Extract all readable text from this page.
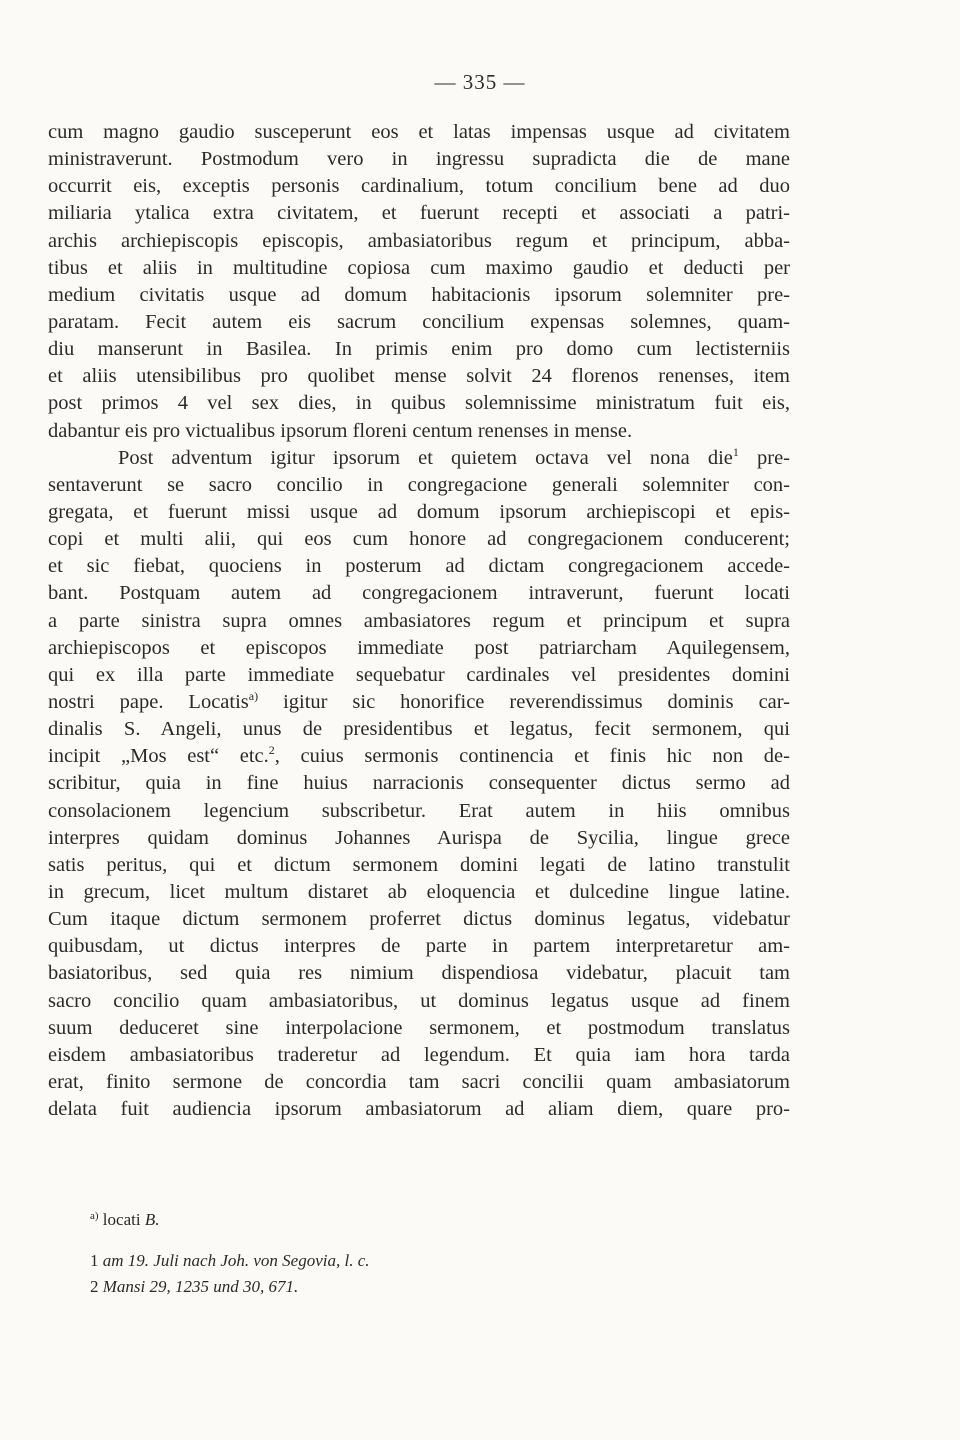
— 335 —
cum magno gaudio susceperunt eos et latas impensas usque ad civitatem
ministraverunt. Postmodum vero in ingressu supradicta die de mane
occurrit eis, exceptis personis cardinalium, totum concilium bene ad duo
miliaria ytalica extra civitatem, et fuerunt recepti et associati a patri-
archis archiepiscopis episcopis, ambasiatoribus regum et principum, abba-
tibus et aliis in multitudine copiosa cum maximo gaudio et deducti per
medium civitatis usque ad domum habitacionis ipsorum solemniter pre-
paratam. Fecit autem eis sacrum concilium expensas solemnes, quam-
diu manserunt in Basilea. In primis enim pro domo cum lectisterniis
et aliis utensibilibus pro quolibet mense solvit 24 florenos renenses, item
post primos 4 vel sex dies, in quibus solemnissime ministratum fuit eis,
dabantur eis pro victualibus ipsorum floreni centum renenses in mense.
Post adventum igitur ipsorum et quietem octava vel nona die$^1$ pre-
sentaverunt se sacro concilio in congregacione generali solemniter con-
gregata, et fuerunt missi usque ad domum ipsorum archiepiscopi et epis-
copi et multi alii, qui eos cum honore ad congregacionem conducerent;
et sic fiebat, quociens in posterum ad dictam congregacionem accede-
bant. Postquam autem ad congregacionem intraverunt, fuerunt locati
a parte sinistra supra omnes ambasiatores regum et principum et supra
archiepiscopos et episcopos immediate post patriarcham Aquilegensem,
qui ex illa parte immediate sequebatur cardinales vel presidentes domini
nostri pape. Locatis$^{a)}$ igitur sic honorifice reverendissimus dominis car-
dinalis S. Angeli, unus de presidentibus et legatus, fecit sermonem, qui
incipit „Mos est“ etc.$^2$, cuius sermonis continencia et finis hic non de-
scribitur, quia in fine huius narracionis consequenter dictus sermo ad
consolacionem legencium subscribetur. Erat autem in hiis omnibus
interpres quidam dominus Johannes Aurispa de Sycilia, lingue grece
satis peritus, qui et dictum sermonem domini legati de latino transtulit
in grecum, licet multum distaret ab eloquencia et dulcedine lingue latine.
Cum itaque dictum sermonem proferret dictus dominus legatus, videbatur
quibusdam, ut dictus interpres de parte in partem interpretaretur am-
basiatoribus, sed quia res nimium dispendiosa videbatur, placuit tam
sacro concilio quam ambasiatoribus, ut dominus legatus usque ad finem
suum deduceret sine interpolacione sermonem, et postmodum translatus
eisdem ambasiatoribus traderetur ad legendum. Et quia iam hora tarda
erat, finito sermone de concordia tam sacri concilii quam ambasiatorum
delata fuit audiencia ipsorum ambasiatorum ad aliam diem, quare pro-
$^{a)}$ locati B.
1 am 19. Juli nach Joh. von Segovia, l. c.
2 Mansi 29, 1235 und 30, 671.
